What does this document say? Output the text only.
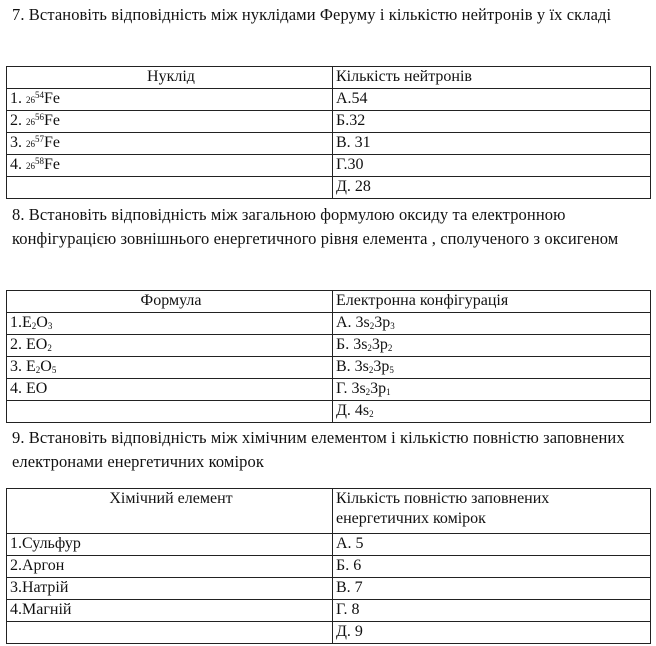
7. Встановіть відповідність між нуклідами Феруму і кількістю нейтронів у їх складі
Нуклід	Кількість нейтронів
1. $26^{54}Fe$	А.54
2. $26^{56}Fe$	Б.32
3. $26^{57}Fe$	В. 31
4. $26^{58}Fe$	Г.30
	Д. 28
8. Встановіть відповідність між загальною формулою оксиду та електронною конфігурацією зовнішнього енергетичного рівня елемента , сполученого з оксигеном
Формула	Електронна конфігурація
$1.E_2O_3$	А. $3s_23p_3$
2. $EO_2$	Б. $3s_23p_2$
3. $E_2O_5$	В. $3s_23p_5$
4. EO	Г. $3s_23p_1$
	Д. $4s_2$
9. Встановіть відповідність між хімічним елементом і кількістю повністю заповнених електронами енергетичних комірок
Хімічний елемент	Кількість повністю заповнених енергетичних комірок
1.Сульфур	А. 5
2.Аргон	Б. 6
3.Натрій	В. 7
4.Магній	Г. 8
	Д. 9
